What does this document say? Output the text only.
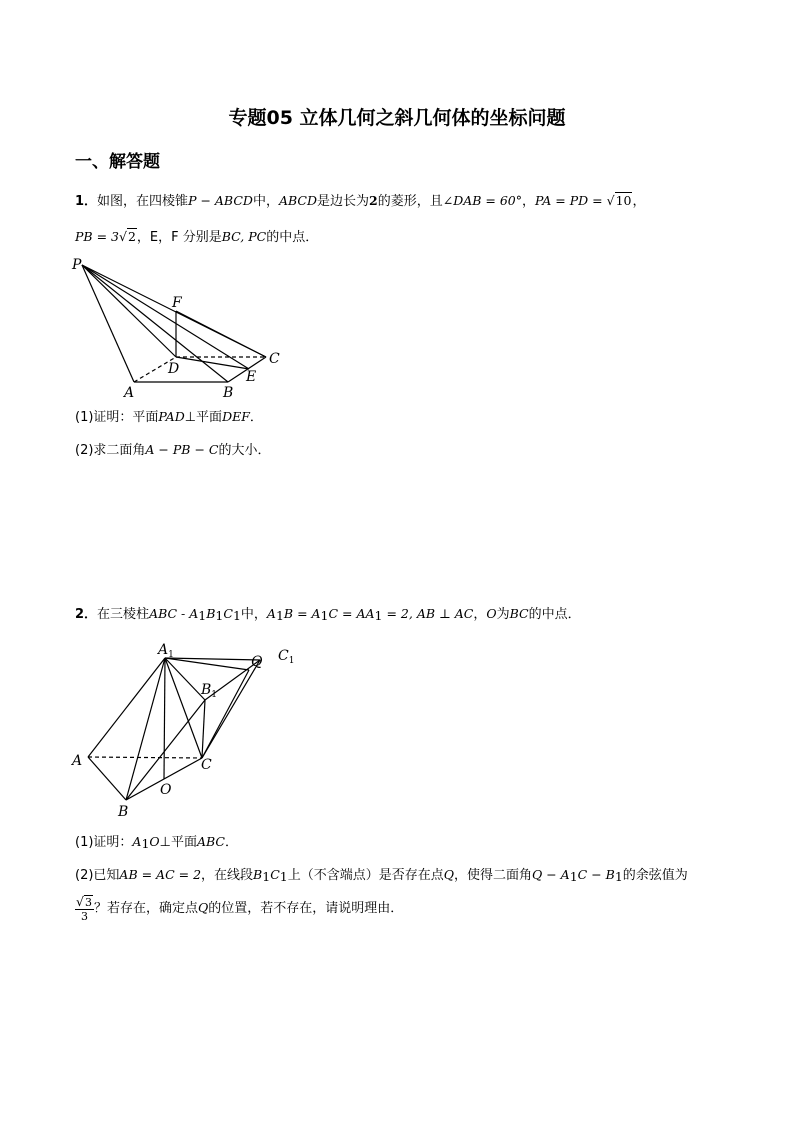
专题05 立体几何之斜几何体的坐标问题
一、解答题
1．如图，在四棱锥P − ABCD中，ABCD是边长为2的菱形，且∠DAB = 60°，PA = PD = √10，
PB = 3√2，E，F 分别是BC, PC的中点．
P
F
C
D	E
A	B
(1)证明：平面PAD⊥平面DEF．
(2)求二面角A − PB − C的大小．
2．在三棱柱ABC - $A_1B_1C_1$中，$A_1B = A_1C = AA_1 = 2$, AB ⊥ AC，O为BC的中点．
$A_1$	Q $C_1$
$B_1$
A	C
O
B
(1)证明：$A_1O\perp$平面ABC．
(2)已知AB = AC = 2，在线段$B_1C_1$上（不含端点）是否存在点Q，使得二面角$Q - A_1C - B_1$的余弦值为
$\frac{√3}{3}$ ？若存在，确定点Q的位置，若不存在，请说明理由．
